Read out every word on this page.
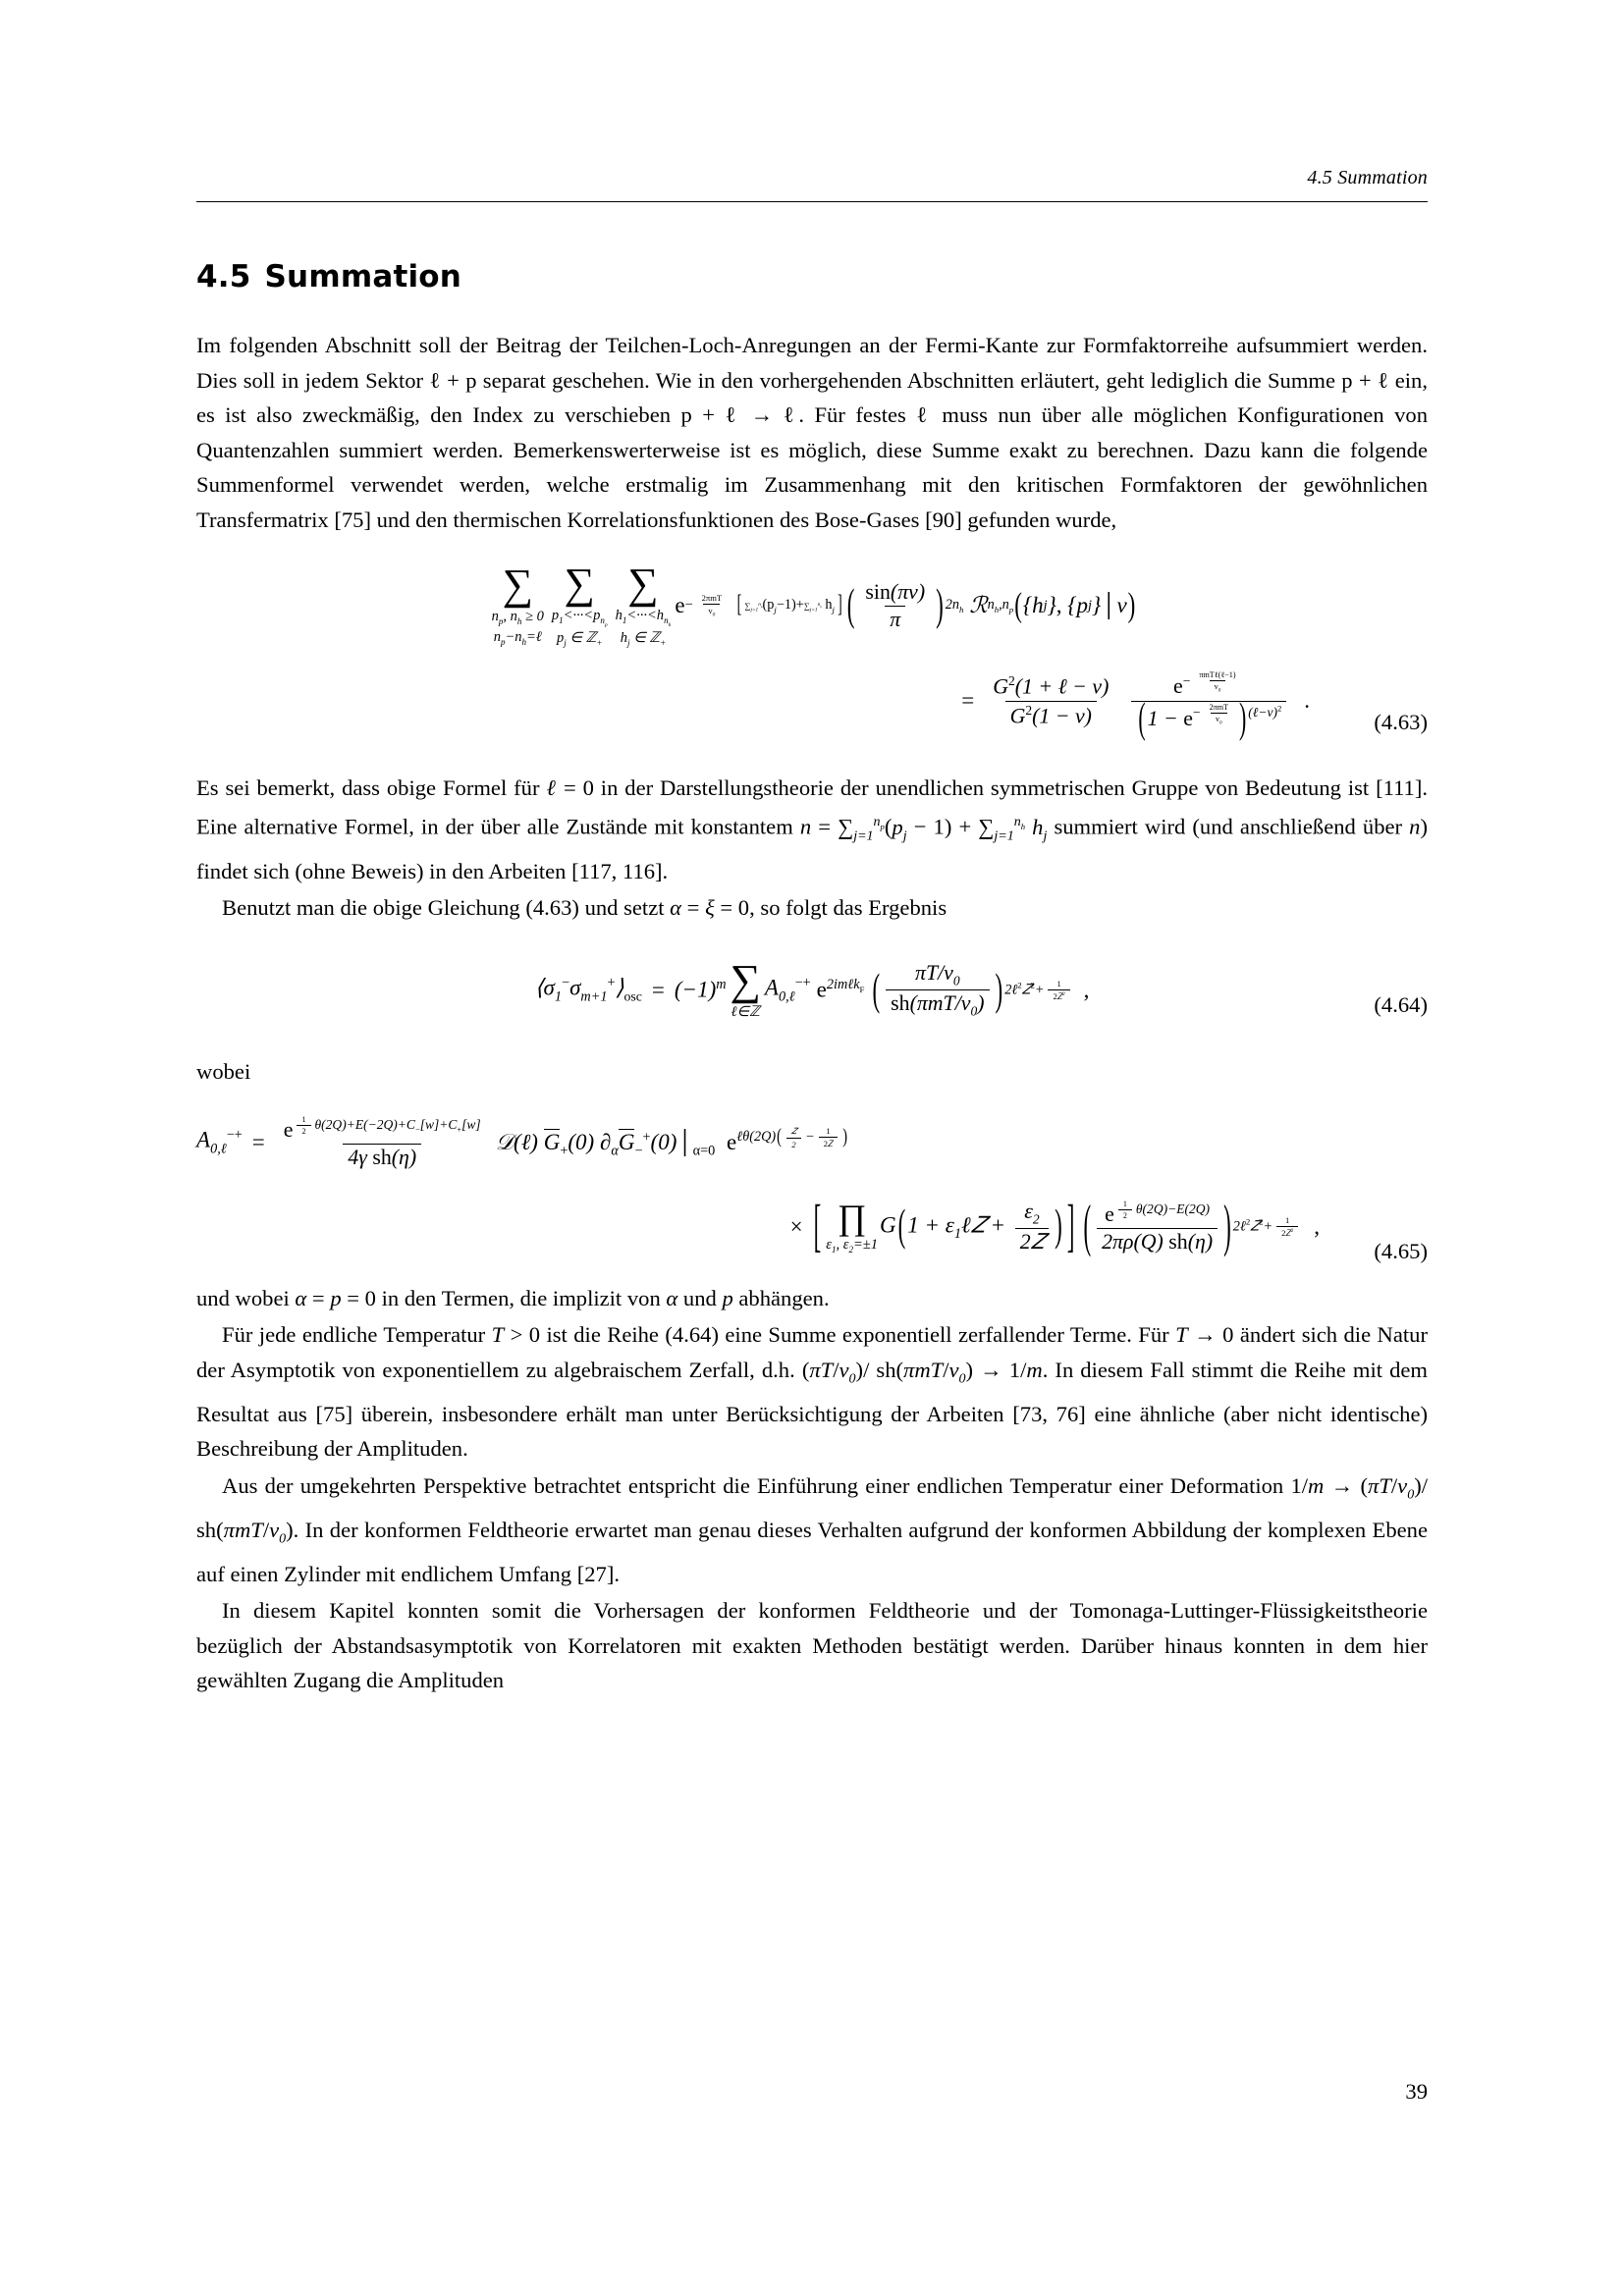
4.5 Summation
4.5 Summation

Im folgenden Abschnitt soll der Beitrag der Teilchen-Loch-Anregungen an der Fermi-Kante zur Formfaktorreihe aufsummiert werden. Dies soll in jedem Sektor ℓ + p separat geschehen. Wie in den vorhergehenden Abschnitten erläutert, geht lediglich die Summe p + ℓ ein, es ist also zweckmäßig, den Index zu verschieben p + ℓ → ℓ. Für festes ℓ muss nun über alle möglichen Konfigurationen von Quantenzahlen summiert werden. Bemerkenswerterweise ist es möglich, diese Summe exakt zu berechnen. Dazu kann die folgende Summenformel verwendet werden, welche erstmalig im Zusammenhang mit den kritischen Formfaktoren der gewöhnlichen Transfermatrix [75] und den thermischen Korrelationsfunktionen des Bose-Gases [90] gefunden wurde,

∑
$n_p$, $n_h \ge 0$
$n_p-n_h=\ell$
∑
$p_1<\cdot\cdot\cdot<p_{n_p}$
$p_j$ ∈ ℤ$_+$
∑
$h_1<\cdot\cdot\cdot<h_{n_h}$
$h_j$ ∈ ℤ$_+$
$e - \frac{\text{2πmT}}{v_0}$ [ $\sum_{j=1}^{n_p}(p_j-1)+\sum_{j=1}^{n_h}$ $h_j$ ] ( $\frac{\sin(\pi v)}{\pi}$ ) $2n_h$ ℛ $n_h,n_p$ ( {h j }, {p j } │ v )
= $\frac{G^2(1 + \ell - v)}{G^2(1 - v)} e^{- \frac{\text{πmTℓ(ℓ−1)}}{v_0}}$
($1 - e^{- \frac{\text{2πmT}}{v_0}}$ ) $^{(\ell-v)^2}$ .
(4.63)

Es sei bemerkt, dass obige Formel für ℓ = 0 in der Darstellungstheorie der unendlichen symmetrischen Gruppe von Bedeutung ist [111]. Eine alternative Formel, in der über alle Zustände mit konstantem $n = \sum_{j=1}^{n_p}(p_j - 1) + \sum_{j=1}^{n_h}$ $h_j$ summiert wird (und anschließend über n) findet sich (ohne Beweis) in den Arbeiten [117, 116].

Benutzt man die obige Gleichung (4.63) und setzt α = ξ = 0, so folgt das Ergebnis

$⟨\sigma_1^-\sigma_{m+1}^+⟩_{osc} = (-1)^m$ ∑
ℓ∈ℤ
$A_{0,\ell}^{-+}$ $e^{2im\ell k_F}$ ( $\frac{\pi T/v_0}{sh(\pi mT/v_0)}$ ) 2ℓ$^2$𝑍$^2$+ $\frac{1}{2𝑍^2}$ ,
(4.64)

wobei

$A_{0,\ell}^{-+} = e$ $^{\frac{1}{2} \theta(2Q)+E(-2Q)+C_-[w]+C_+[w]}$
4γ sh(η) 𝒟(ℓ) $G_+(0)$ $\partial_\alpha G_-^+(0)│_{\alpha=0}$ $e^{\ell\theta(2Q)( \frac{\text{𝑍}}{2} - \frac{1}{\text{2𝑍}} )}$
× [ ∏
$\varepsilon_1$, $\varepsilon_2=\pm 1$
$G(1 + \varepsilon_1\ell 𝑍 + \frac{\varepsilon_2}{\text{2𝑍}}$ ) ] ( e $^{\frac{1}{2} \theta(2Q)-E(2Q)}$
2πρ(Q) sh(η) ) 2ℓ$^2$𝑍$^2$+ $\frac{1}{2𝑍^2}$ ,
(4.65)

und wobei α = p = 0 in den Termen, die implizit von α und p abhängen.

Für jede endliche Temperatur T > 0 ist die Reihe (4.64) eine Summe exponentiell zerfallender Terme. Für T → 0 ändert sich die Natur der Asymptotik von exponentiellem zu algebraischem Zerfall, d.h. $(\pi T/v_0)/$ $sh(\pi mT/v_0) \to 1/m$. In diesem Fall stimmt die Reihe mit dem Resultat aus [75] überein, insbesondere erhält man unter Berücksichtigung der Arbeiten [73, 76] eine ähnliche (aber nicht identische) Beschreibung der Amplituden.

Aus der umgekehrten Perspektive betrachtet entspricht die Einführung einer endlichen Temperatur einer Deformation $1/m \to (\pi T/v_0)/$ $sh(\pi mT/v_0)$. In der konformen Feldtheorie erwartet man genau dieses Verhalten aufgrund der konformen Abbildung der komplexen Ebene auf einen Zylinder mit endlichem Umfang [27].

In diesem Kapitel konnten somit die Vorhersagen der konformen Feldtheorie und der Tomonaga-Luttinger-Flüssigkeitstheorie bezüglich der Abstandsasymptotik von Korrelatoren mit exakten Methoden bestätigt werden. Darüber hinaus konnten in dem hier gewählten Zugang die Amplituden

39
